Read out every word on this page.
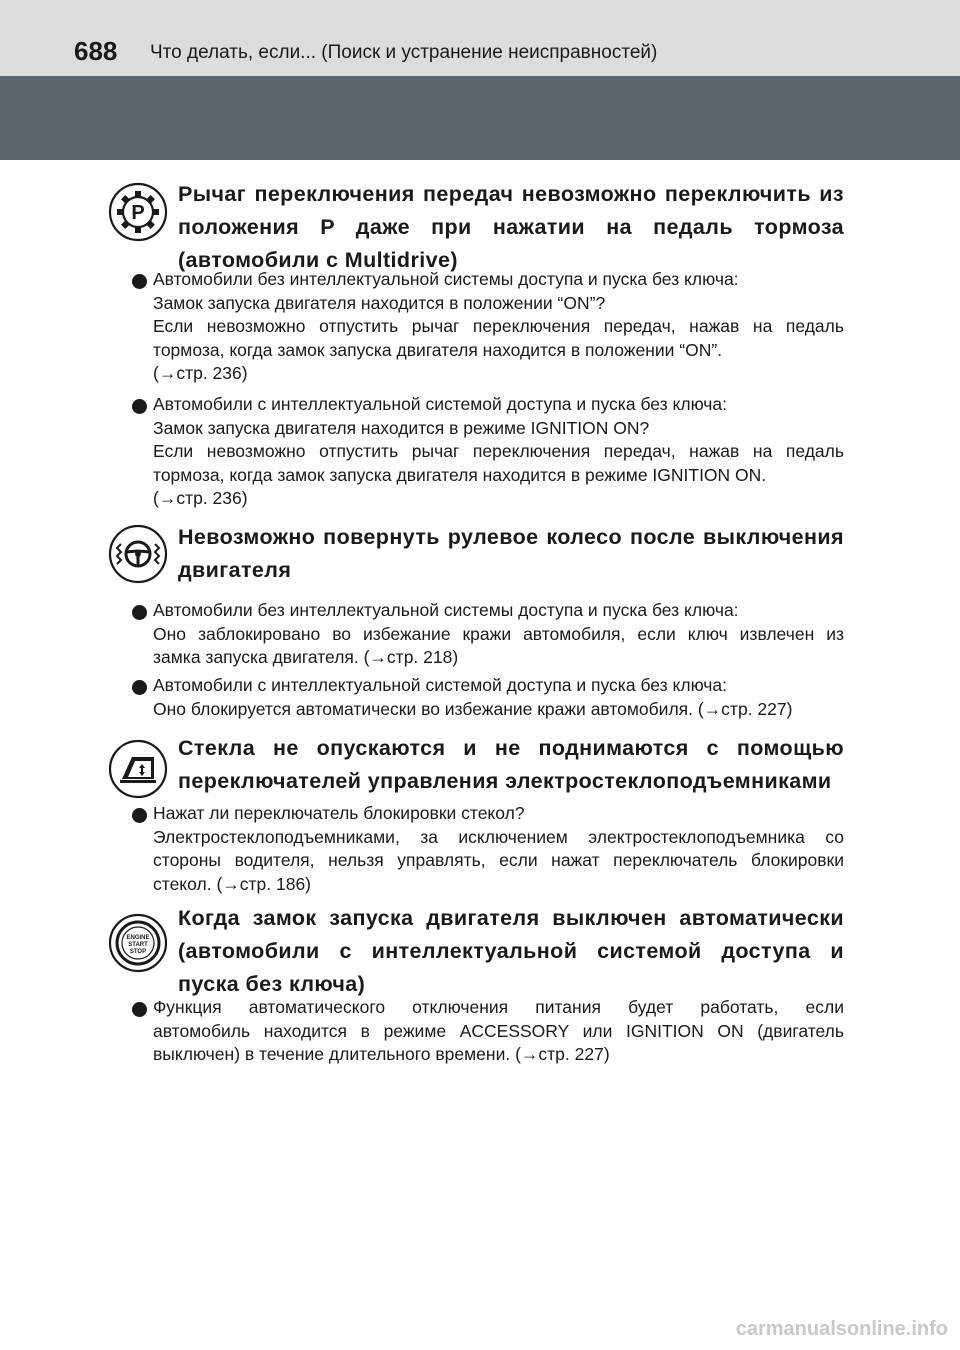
688 Что делать, если... (Поиск и устранение неисправностей)
P
Рычаг переключения передач невозможно переключить из положения P даже при нажатии на педаль тормоза (автомобили с Multidrive)
Автомобили без интеллектуальной системы доступа и пуска без ключа:
Замок запуска двигателя находится в положении “ON”?
Если невозможно отпустить рычаг переключения передач, нажав на педаль
тормоза, когда замок запуска двигателя находится в положении “ON”.
(→стр. 236)
Автомобили с интеллектуальной системой доступа и пуска без ключа:
Замок запуска двигателя находится в режиме IGNITION ON?
Если невозможно отпустить рычаг переключения передач, нажав на педаль
тормоза, когда замок запуска двигателя находится в режиме IGNITION ON.
(→стр. 236)
Невозможно повернуть рулевое колесо после выключения двигателя
Автомобили без интеллектуальной системы доступа и пуска без ключа:
Оно заблокировано во избежание кражи автомобиля, если ключ извлечен из
замка запуска двигателя. (→стр. 218)
Автомобили с интеллектуальной системой доступа и пуска без ключа:
Оно блокируется автоматически во избежание кражи автомобиля. (→стр. 227)
Стекла не опускаются и не поднимаются с помощью переключателей управления электростеклоподъемниками
Нажат ли переключатель блокировки стекол?
Электростеклоподъемниками, за исключением электростеклоподъемника со
стороны водителя, нельзя управлять, если нажат переключатель блокировки
стекол. (→стр. 186)
ENGINE
START
STOP
Когда замок запуска двигателя выключен автоматически (автомобили с интеллектуальной системой доступа и пуска без ключа)
Функция автоматического отключения питания будет работать, если
автомобиль находится в режиме ACCESSORY или IGNITION ON (двигатель
выключен) в течение длительного времени. (→стр. 227)
carmanualsonline.info
